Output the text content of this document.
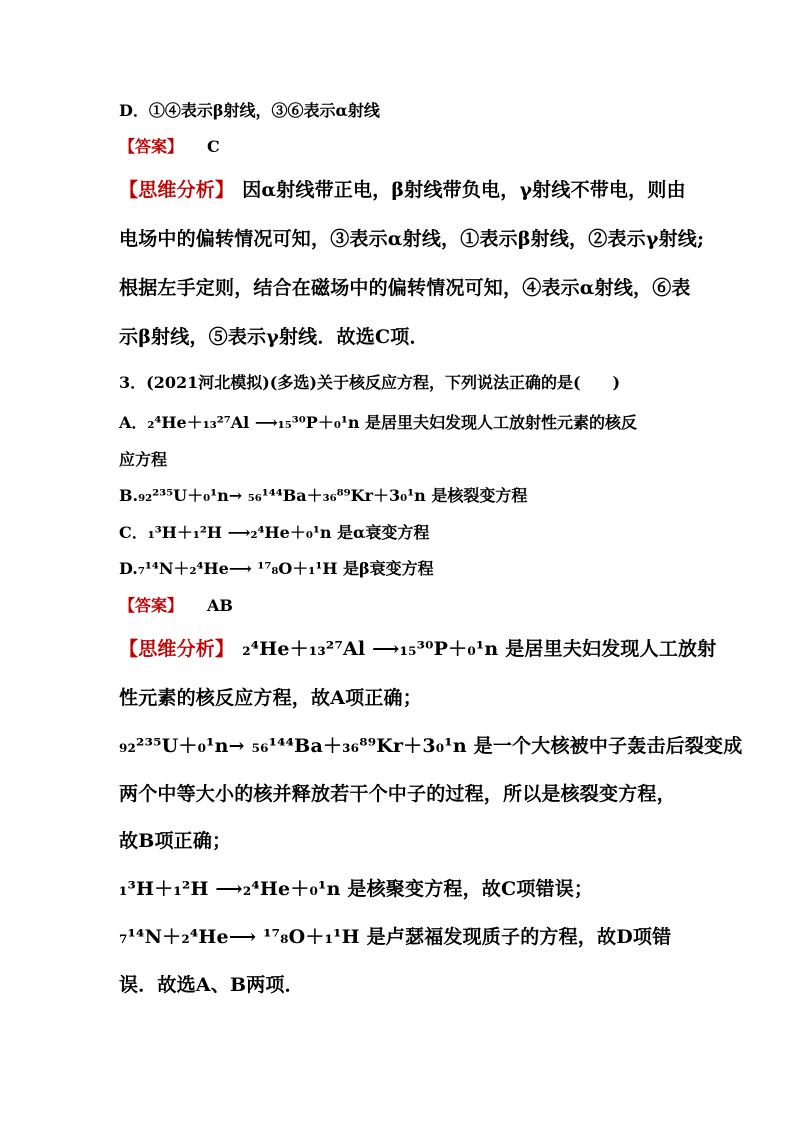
D．①④表示β射线，③⑥表示α射线
【答案】 C
【思维分析】 因α射线带正电，β射线带负电，γ射线不带电，则由
电场中的偏转情况可知，③表示α射线，①表示β射线，②表示γ射线;
根据左手定则，结合在磁场中的偏转情况可知，④表示α射线，⑥表
示β射线，⑤表示γ射线．故选C项．
3．(2021河北模拟)(多选)关于核反应方程，下列说法正确的是(　　)
A．₂⁴He＋₁₃²⁷Al ⟶₁₅³⁰P＋₀¹n 是居里夫妇发现人工放射性元素的核反
应方程
B.₉₂²³⁵U＋₀¹n→ ₅₆¹⁴⁴Ba＋₃₆⁸⁹Kr＋3₀¹n 是核裂变方程
C．₁³H＋₁²H ⟶₂⁴He＋₀¹n 是α衰变方程
D.₇¹⁴N＋₂⁴He⟶ ¹⁷₈O＋₁¹H 是β衰变方程
【答案】 AB
【思维分析】 ₂⁴He＋₁₃²⁷Al ⟶₁₅³⁰P＋₀¹n 是居里夫妇发现人工放射
性元素的核反应方程，故A项正确；
₉₂²³⁵U＋₀¹n→ ₅₆¹⁴⁴Ba＋₃₆⁸⁹Kr＋3₀¹n 是一个大核被中子轰击后裂变成
两个中等大小的核并释放若干个中子的过程，所以是核裂变方程，
故B项正确；
₁³H＋₁²H ⟶₂⁴He＋₀¹n 是核聚变方程，故C项错误；
₇¹⁴N＋₂⁴He⟶ ¹⁷₈O＋₁¹H 是卢瑟福发现质子的方程，故D项错
误．故选A、B两项．
